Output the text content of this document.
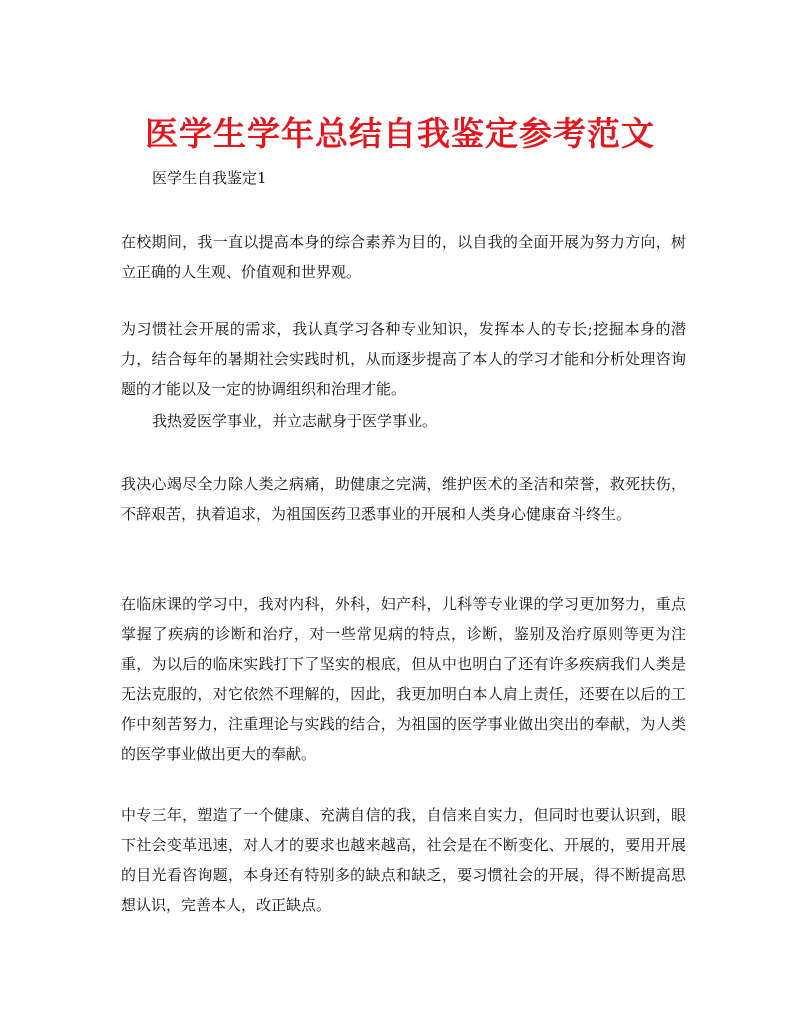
医学生学年总结自我鉴定参考范文

医学生自我鉴定1

在校期间，我一直以提高本身的综合素养为目的，以自我的全面开展为努力方向，树立正确的人生观、价值观和世界观。

为习惯社会开展的需求，我认真学习各种专业知识，发挥本人的专长;挖掘本身的潜力，结合每年的暑期社会实践时机，从而逐步提高了本人的学习才能和分析处理咨询题的才能以及一定的协调组织和治理才能。

我热爱医学事业，并立志献身于医学事业。

我决心竭尽全力除人类之病痛，助健康之完满，维护医术的圣洁和荣誉，救死扶伤，不辞艰苦，执着追求，为祖国医药卫悉事业的开展和人类身心健康奋斗终生。

在临床课的学习中，我对内科，外科，妇产科，儿科等专业课的学习更加努力，重点掌握了疾病的诊断和治疗，对一些常见病的特点，诊断，鉴别及治疗原则等更为注重，为以后的临床实践打下了坚实的根底，但从中也明白了还有许多疾病我们人类是无法克服的，对它依然不理解的，因此，我更加明白本人肩上责任，还要在以后的工作中刻苦努力，注重理论与实践的结合，为祖国的医学事业做出突出的奉献，为人类的医学事业做出更大的奉献。

中专三年，塑造了一个健康、充满自信的我，自信来自实力，但同时也要认识到，眼下社会变革迅速，对人才的要求也越来越高，社会是在不断变化、开展的，要用开展的目光看咨询题，本身还有特别多的缺点和缺乏，要习惯社会的开展，得不断提高思想认识，完善本人，改正缺点。
